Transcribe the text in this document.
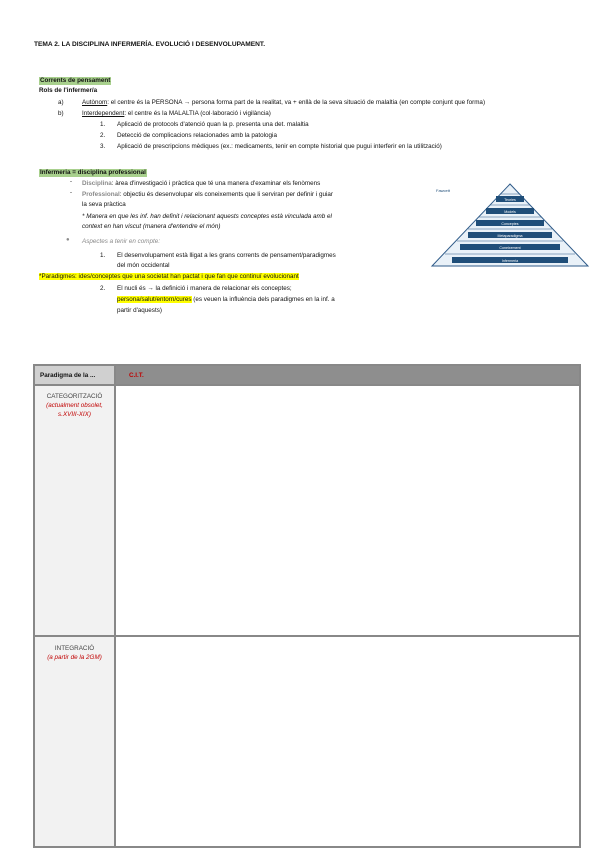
TEMA 2. LA DISCIPLINA INFERMERÍA. EVOLUCIÓ I DESENVOLUPAMENT.
Corrents de pensament
Rols de l'infermer/a
a)	Autònom: el centre és la PERSONA → persona forma part de la realitat, va + enllà de la seva situació de malaltia (en compte conjunt que forma)
b)	Interdependent: el centre és la MALALTIA (col·laboració i vigilància)
1. Aplicació de protocols d'atenció quan la p. presenta una det. malaltia
2. Detecció de complicacions relacionades amb la patologia
3. Aplicació de prescripcions mèdiques (ex.: medicaments, tenir en compte historial que pugui interferir en la utilització)
Infermeria = disciplina professional
- Disciplina: àrea d'investigació i pràctica que té una manera d'examinar els fenòmens
- Professional: objectiu és desenvolupar els coneixements que li serviran per definir i guiar
la seva pràctica
* Manera en que les inf. han definit i relacionant aquests conceptes està vinculada amb el
context en han viscut (manera d'entendre el món)
● Aspectes a tenir en compte:
1. El desenvolupament està lligat a les grans corrents de pensament/paradigmes
del món occidental
*Paradigmes: ides/conceptes que una societat han pactat i que fan que continuï evolucionant
2. El nucli és → la definició i manera de relacionar els conceptes;
persona/salut/entorn/cures (es veuen la influència dels paradigmes en la inf. a
partir d'aquests)
Teories
Models
Conceptes
Metaparadigma
Coneixement
Infermeria
Fawcett
Paradigma de la ...	C.I.T.
CATEGORITZACIÓ
(actualment obsolet,
s.XVIII-XIX)
INTEGRACIÓ
(a partir de la 2GM)
